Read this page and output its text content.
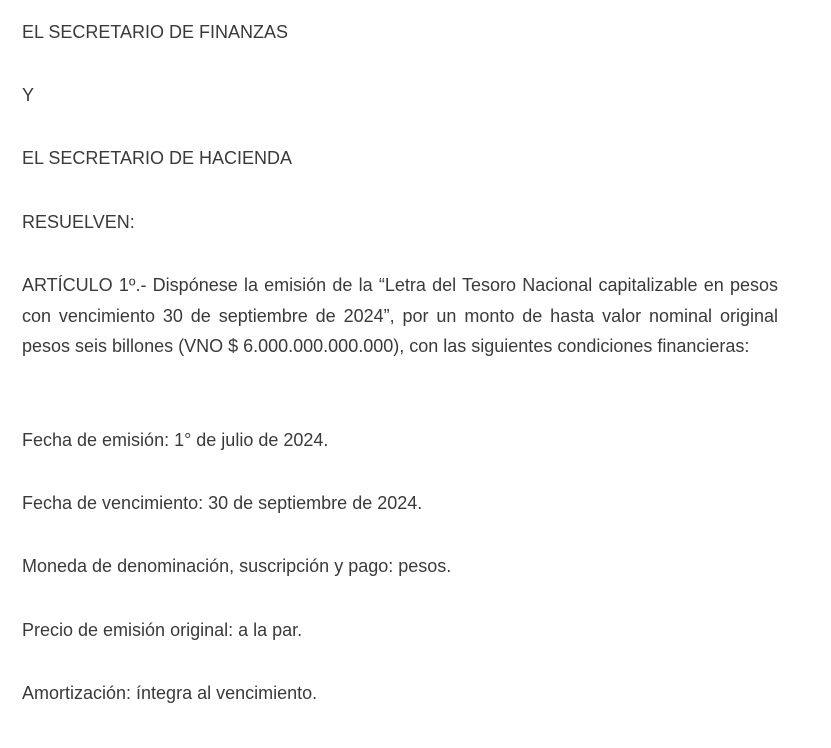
EL SECRETARIO DE FINANZAS

Y

EL SECRETARIO DE HACIENDA

RESUELVEN:

ARTÍCULO 1º.- Dispónese la emisión de la “Letra del Tesoro Nacional capitalizable en pesos con vencimiento 30 de septiembre de 2024”, por un monto de hasta valor nominal original pesos seis billones (VNO $ 6.000.000.000.000), con las siguientes condiciones financieras:

Fecha de emisión: 1° de julio de 2024.

Fecha de vencimiento: 30 de septiembre de 2024.

Moneda de denominación, suscripción y pago: pesos.

Precio de emisión original: a la par.

Amortización: íntegra al vencimiento.
